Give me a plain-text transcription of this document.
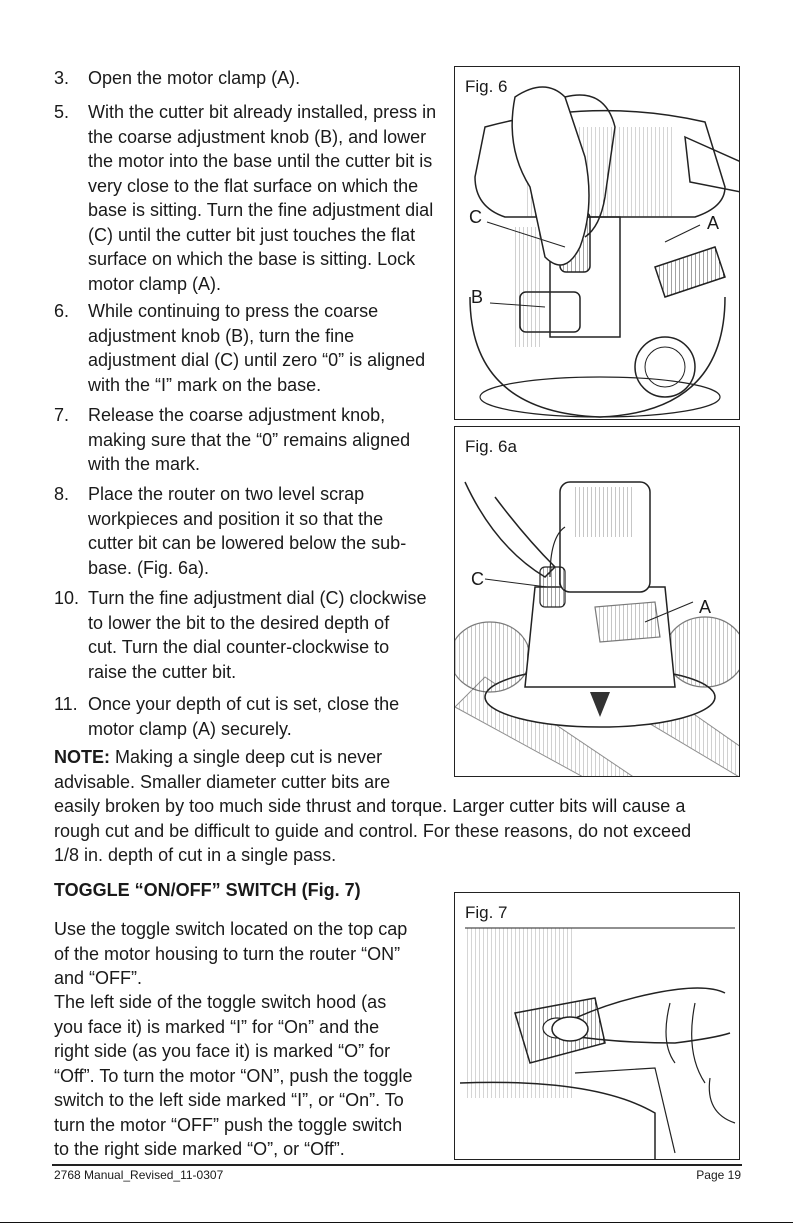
3. Open the motor clamp (A).
5. With the cutter bit already installed, press in
the coarse adjustment knob (B), and lower
the motor into the base until the cutter bit is
very close to the flat surface on which the
base is sitting. Turn the fine adjustment dial
(C) until the cutter bit just touches the flat
surface on which the base is sitting. Lock
motor clamp (A).
6. While continuing to press the coarse
adjustment knob (B), turn the fine
adjustment dial (C) until zero “0” is aligned
with the “I” mark on the base.
7. Release the coarse adjustment knob,
making sure that the “0” remains aligned
with the mark.
8. Place the router on two level scrap
workpieces and position it so that the
cutter bit can be lowered below the sub-
base. (Fig. 6a).
10. Turn the fine adjustment dial (C) clockwise
to lower the bit to the desired depth of
cut. Turn the dial counter-clockwise to
raise the cutter bit.
11. Once your depth of cut is set, close the
motor clamp (A) securely.
NOTE: Making a single deep cut is never
advisable. Smaller diameter cutter bits are
easily broken by too much side thrust and torque. Larger cutter bits will cause a
rough cut and be difficult to guide and control. For these reasons, do not exceed
1/8 in. depth of cut in a single pass.
TOGGLE “ON/OFF” SWITCH (Fig. 7)
Use the toggle switch located on the top cap
of the motor housing to turn the router “ON”
and “OFF”.
The left side of the toggle switch hood (as
you face it) is marked “I” for “On” and the
right side (as you face it) is marked “O” for
“Off”. To turn the motor “ON”, push the toggle
switch to the left side marked “I”, or “On”. To
turn the motor “OFF” push the toggle switch
to the right side marked “O”, or “Off”.
Fig. 6
C	A
B
Fig. 6a
C
A
Fig. 7
2768 Manual_Revised_11-0307	Page 19
